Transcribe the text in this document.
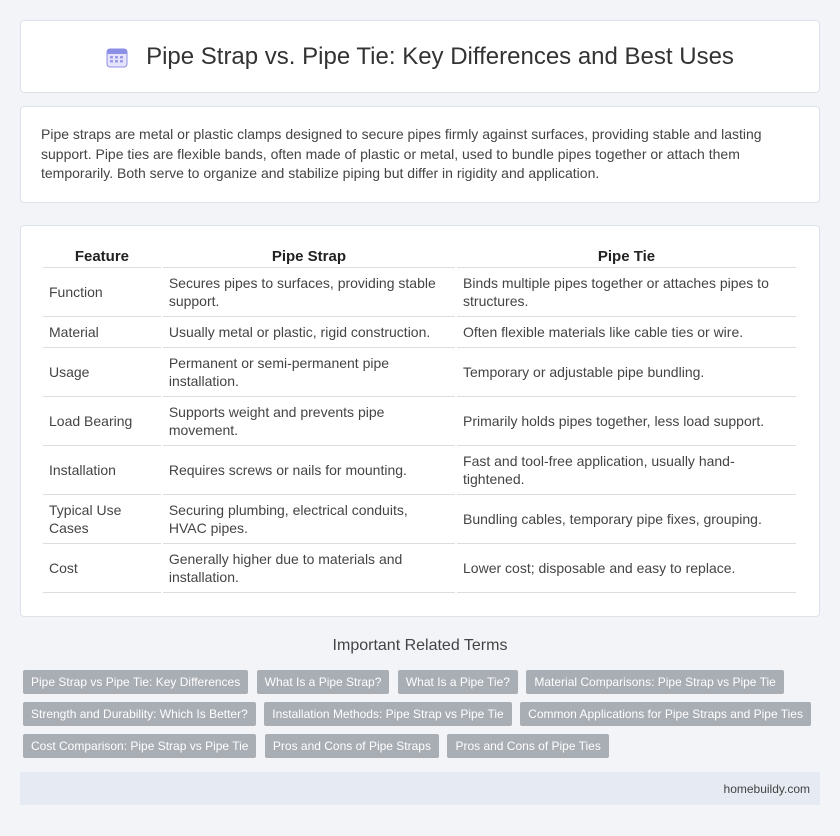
Pipe Strap vs. Pipe Tie: Key Differences and Best Uses

Pipe straps are metal or plastic clamps designed to secure pipes firmly against surfaces, providing stable and lasting support. Pipe ties are flexible bands, often made of plastic or metal, used to bundle pipes together or attach them temporarily. Both serve to organize and stabilize piping but differ in rigidity and application.

Feature	Pipe Strap	Pipe Tie
Function	Secures pipes to surfaces, providing stable support.	Binds multiple pipes together or attaches pipes to structures.
Material	Usually metal or plastic, rigid construction.	Often flexible materials like cable ties or wire.
Usage	Permanent or semi-permanent pipe installation.	Temporary or adjustable pipe bundling.
Load Bearing	Supports weight and prevents pipe movement.	Primarily holds pipes together, less load support.
Installation	Requires screws or nails for mounting.	Fast and tool-free application, usually hand-tightened.
Typical Use Cases	Securing plumbing, electrical conduits, HVAC pipes.	Bundling cables, temporary pipe fixes, grouping.
Cost	Generally higher due to materials and installation.	Lower cost; disposable and easy to replace.
Important Related Terms
Pipe Strap vs Pipe Tie: Key Differences What Is a Pipe Strap? What Is a Pipe Tie? Material Comparisons: Pipe Strap vs Pipe Tie Strength and Durability: Which Is Better? Installation Methods: Pipe Strap vs Pipe Tie Common Applications for Pipe Straps and Pipe Ties Cost Comparison: Pipe Strap vs Pipe Tie Pros and Cons of Pipe Straps Pros and Cons of Pipe Ties
homebuildy.com
